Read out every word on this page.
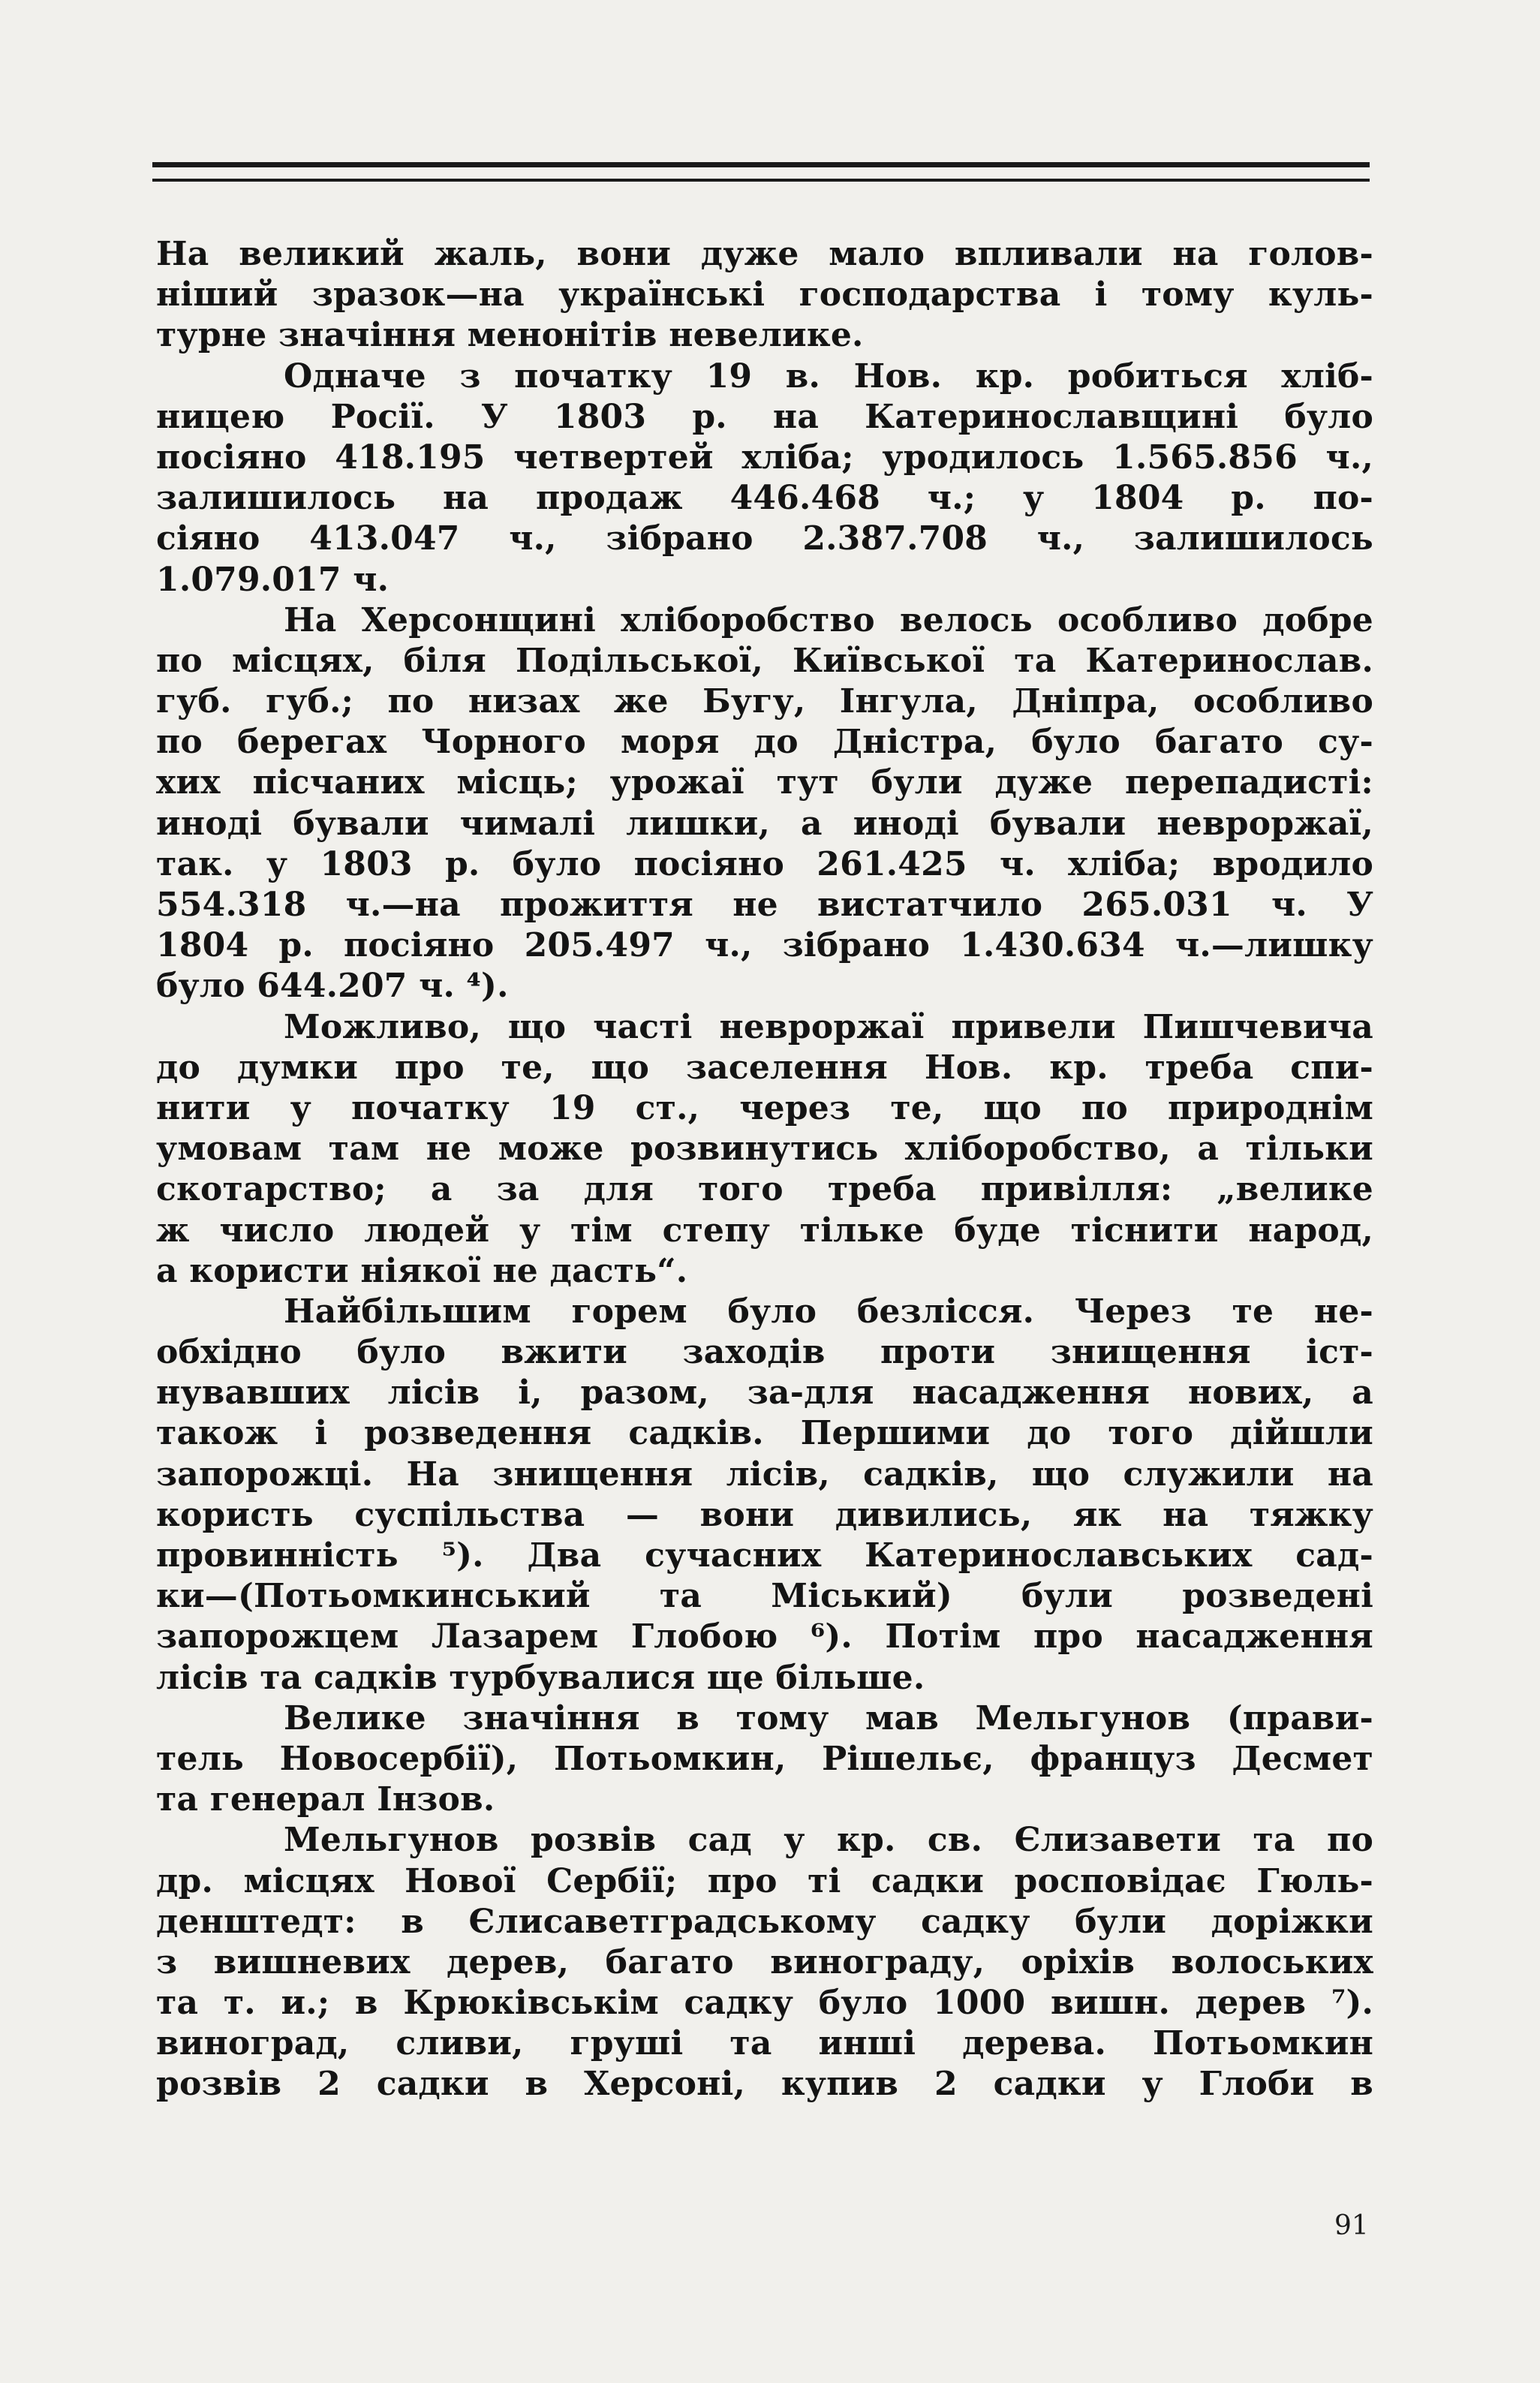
На великий жаль, вони дуже мало впливали на голов-
ніший зразок—на українські господарства і тому куль-
турне значіння менонітів невелике.
Одначе з початку 19 в. Нов. кр. робиться хліб-
ницею Росії. У 1803 р. на Катеринославщині було
посіяно 418.195 четвертей хліба; уродилось 1.565.856 ч.,
залишилось на продаж 446.468 ч.; у 1804 р. по-
сіяно 413.047 ч., зібрано 2.387.708 ч., залишилось
1.079.017 ч.
На Херсонщині хліборобство велось особливо добре
по місцях, біля Подільської, Київської та Катеринослав.
губ. губ.; по низах же Бугу, Інгула, Дніпра, особливо
по берегах Чорного моря до Дністра, було багато су-
хих пісчаних місць; урожаї тут були дуже перепадисті:
иноді бували чималі лишки, а иноді бували невроржаї,
так. у 1803 р. було посіяно 261.425 ч. хліба; вродило
554.318 ч.—на прожиття не вистатчило 265.031 ч. У
1804 р. посіяно 205.497 ч., зібрано 1.430.634 ч.—лишку
було 644.207 ч. ⁴).
Можливо, що часті невроржаї привели Пишчевича
до думки про те, що заселення Нов. кр. треба спи-
нити у початку 19 ст., через те, що по природнім
умовам там не може розвинутись хліборобство, а тільки
скотарство; а за для того треба привілля: „велике
ж число людей у тім степу тільке буде тіснити народ,
а користи ніякої не дасть“.
Найбільшим горем було безлісся. Через те не-
обхідно було вжити заходів проти знищення іст-
нувавших лісів і, разом, за-для насадження нових, а
також і розведення садків. Першими до того дійшли
запорожці. На знищення лісів, садків, що служили на
користь суспільства — вони дивились, як на тяжку
провинність ⁵). Два сучасних Катеринославських сад-
ки—(Потьомкинський та Міський) були розведені
запорожцем Лазарем Глобою ⁶). Потім про насадження
лісів та садків турбувалися ще більше.
Велике значіння в тому мав Мельгунов (прави-
тель Новосербії), Потьомкин, Рішельє, француз Десмет
та генерал Інзов.
Мельгунов розвів сад у кр. св. Єлизавети та по
др. місцях Нової Сербії; про ті садки росповідає Гюль-
денштедт: в Єлисаветградському садку були доріжки
з вишневих дерев, багато винограду, оріхів волоських
та т. и.; в Крюківськім садку було 1000 вишн. дерев ⁷).
виноград, сливи, груші та инші дерева. Потьомкин
розвів 2 садки в Херсоні, купив 2 садки у Глоби в
91
